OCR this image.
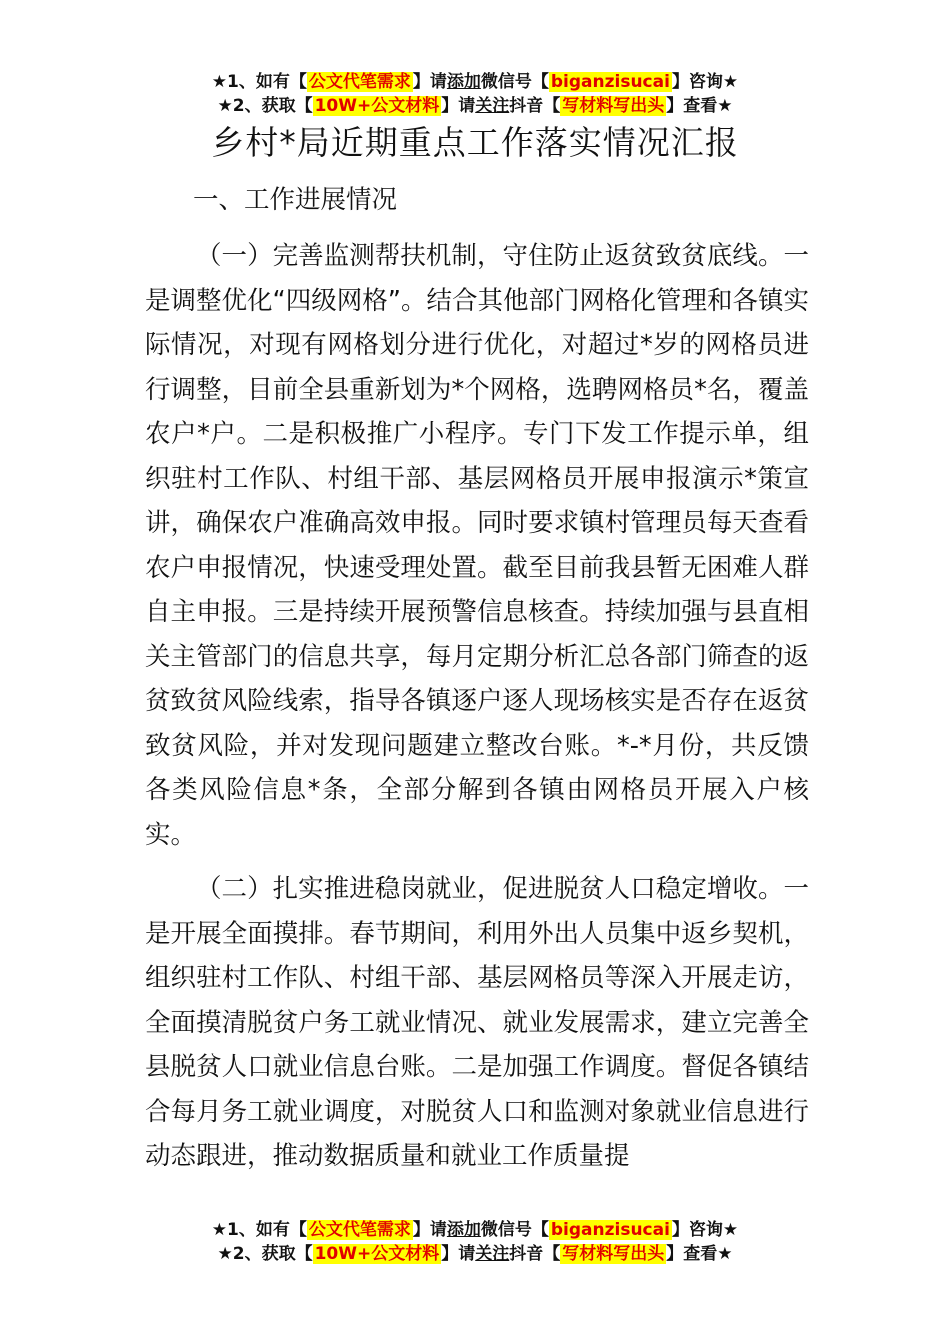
★1、如有【 公文代笔需求 】请添加微信号【 biganzisucai 】咨询★
★2、获取【 10W+公文材料 】请关注抖音【 写材料写出头 】查看★
乡村*局近期重点工作落实情况汇报
一、工作进展情况

（一）完善监测帮扶机制，守住防止返贫致贫底线。一是调整优化“四级网格”。结合其他部门网格化管理和各镇实际情况，对现有网格划分进行优化，对超过*岁的网格员进行调整，目前全县重新划为*个网格，选聘网格员*名，覆盖农户*户。二是积极推广小程序。专门下发工作提示单，组织驻村工作队、村组干部、基层网格员开展申报演示*策宣讲，确保农户准确高效申报。同时要求镇村管理员每天查看农户申报情况，快速受理处置。截至目前我县暂无困难人群自主申报。三是持续开展预警信息核查。持续加强与县直相关主管部门的信息共享，每月定期分析汇总各部门筛查的返贫致贫风险线索，指导各镇逐户逐人现场核实是否存在返贫致贫风险，并对发现问题建立整改台账。*-*月份，共反馈各类风险信息*条，全部分解到各镇由网格员开展入户核实。

（二）扎实推进稳岗就业，促进脱贫人口稳定增收。一是开展全面摸排。春节期间，利用外出人员集中返乡契机，组织驻村工作队、村组干部、基层网格员等深入开展走访，全面摸清脱贫户务工就业情况、就业发展需求，建立完善全县脱贫人口就业信息台账。二是加强工作调度。督促各镇结合每月务工就业调度，对脱贫人口和监测对象就业信息进行动态跟进，推动数据质量和就业工作质量提

★1、如有【 公文代笔需求 】请添加微信号【 biganzisucai 】咨询★
★2、获取【 10W+公文材料 】请关注抖音【 写材料写出头 】查看★
